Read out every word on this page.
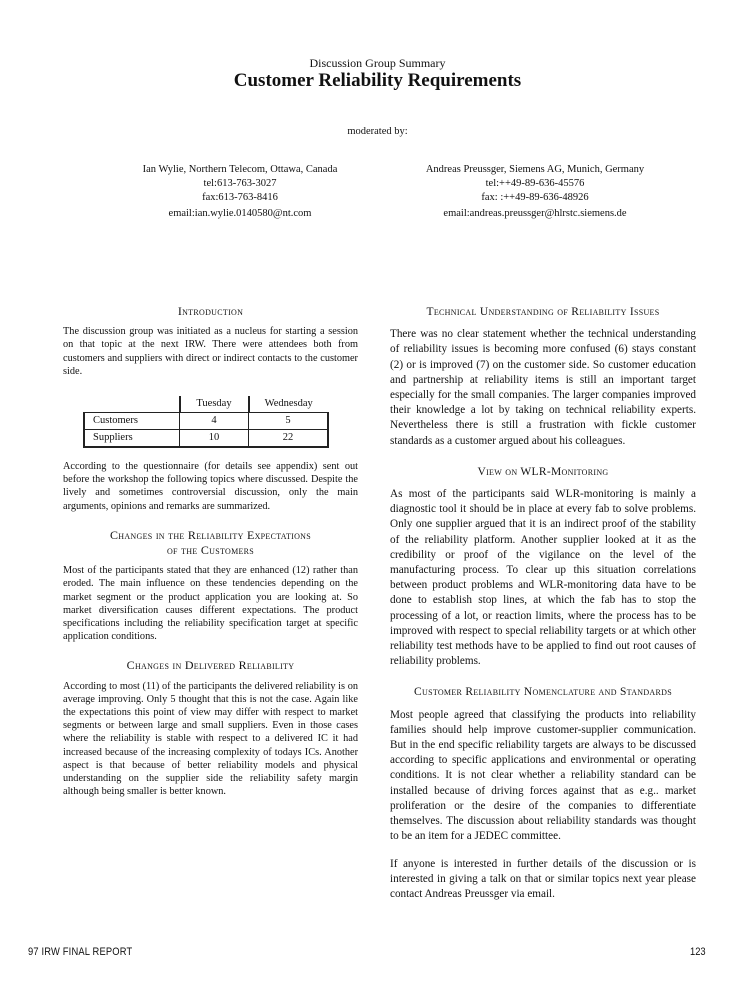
Discussion Group Summary
Customer Reliability Requirements
moderated by:
Ian Wylie, Northern Telecom, Ottawa, Canada
tel:613-763-3027
fax:613-763-8416
email:ian.wylie.0140580@nt.com
Andreas Preussger, Siemens AG, Munich, Germany
tel:++49-89-636-45576
fax: :++49-89-636-48926
email:andreas.preussger@hlrstc.siemens.de
Introduction

The discussion group was initiated as a nucleus for starting a session on that topic at the next IRW. There were attendees both from customers and suppliers with direct or indirect contacts to the customer side.

	Tuesday	Wednesday
Customers	4	5
Suppliers	10	22

According to the questionnaire (for details see appendix) sent out before the workshop the following topics where discussed. Despite the lively and sometimes controversial discussion, only the main arguments, opinions and remarks are summarized.

Changes in the Reliability Expectations
of the Customers

Most of the participants stated that they are enhanced (12) rather than eroded. The main influence on these tendencies depending on the market segment or the product application you are looking at. So market diversification causes different expectations. The product specifications including the reliability specification target at specific application conditions.

Changes in Delivered Reliability

According to most (11) of the participants the delivered reliability is on average improving. Only 5 thought that this is not the case. Again like the expectations this point of view may differ with respect to market segments or between large and small suppliers. Even in those cases where the reliability is stable with respect to a delivered IC it had increased because of the increasing complexity of todays ICs. Another aspect is that because of better reliability models and physical understanding on the supplier side the reliability safety margin although being smaller is better known.

Technical Understanding of Reliability Issues

There was no clear statement whether the technical understanding of reliability issues is becoming more confused (6) stays constant (2) or is improved (7) on the customer side. So customer education and partnership at reliability items is still an important target especially for the small companies. The larger companies improved their knowledge a lot by taking on technical reliability experts. Nevertheless there is still a frustration with fickle customer standards as a customer argued about his colleagues.

View on WLR-Monitoring

As most of the participants said WLR-monitoring is mainly a diagnostic tool it should be in place at every fab to solve problems. Only one supplier argued that it is an indirect proof of the stability of the reliability platform. Another supplier looked at it as the credibility or proof of the vigilance on the level of the manufacturing process. To clear up this situation correlations between product problems and WLR-monitoring data have to be done to establish stop lines, at which the fab has to stop the processing of a lot, or reaction limits, where the process has to be improved with respect to special reliability targets or at which other reliability test methods have to be applied to find out root causes of reliability problems.

Customer Reliability Nomenclature and Standards

Most people agreed that classifying the products into reliability families should help improve customer-supplier communication. But in the end specific reliability targets are always to be discussed according to specific applications and environmental or operating conditions. It is not clear whether a reliability standard can be installed because of driving forces against that as e.g.. market proliferation or the desire of the companies to differentiate themselves. The discussion about reliability standards was thought to be an item for a JEDEC committee.

If anyone is interested in further details of the discussion or is interested in giving a talk on that or similar topics next year please contact Andreas Preussger via email.

97 IRW FINAL REPORT	123
